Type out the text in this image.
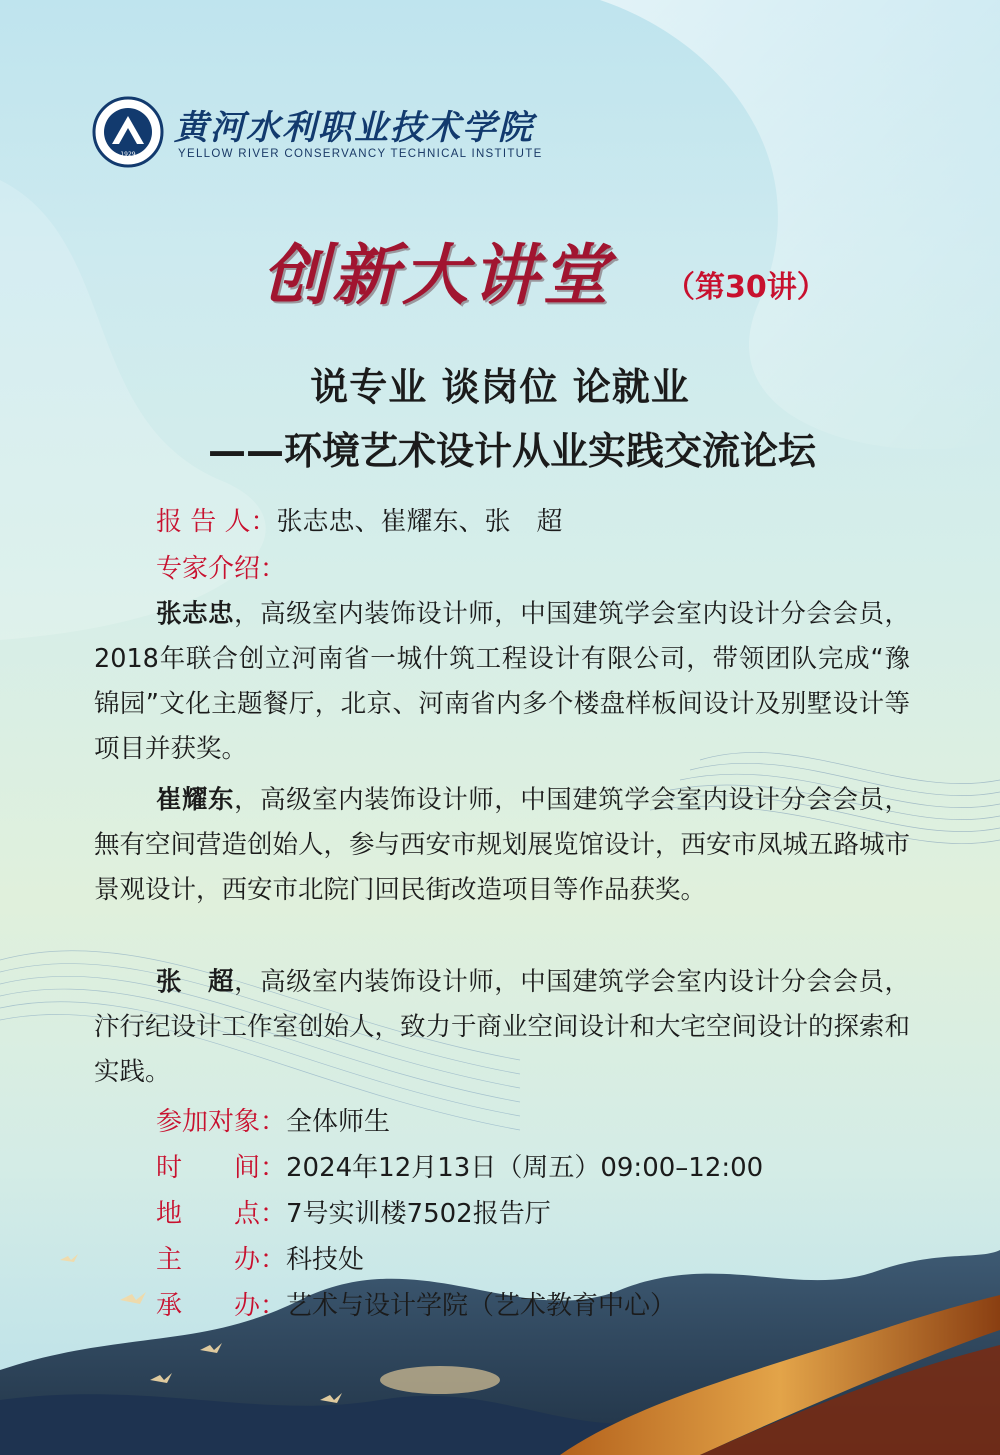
1929
黄河水利职业技术学院
YELLOW RIVER CONSERVANCY TECHNICAL INSTITUTE
创新大讲堂 （第30讲）
说专业 谈岗位 论就业
——环境艺术设计从业实践交流论坛
报 告 人：张志忠、崔耀东、张　超
专家介绍：

张志忠，高级室内装饰设计师，中国建筑学会室内设计分会会员，2018年联合创立河南省一城什筑工程设计有限公司，带领团队完成“豫锦园”文化主题餐厅，北京、河南省内多个楼盘样板间设计及别墅设计等项目并获奖。

崔耀东，高级室内装饰设计师，中国建筑学会室内设计分会会员，無有空间营造创始人，参与西安市规划展览馆设计，西安市凤城五路城市景观设计，西安市北院门回民街改造项目等作品获奖。

张　超，高级室内装饰设计师，中国建筑学会室内设计分会会员，汴行纪设计工作室创始人，致力于商业空间设计和大宅空间设计的探索和实践。

参加对象：全体师生
时　　间：2024年12月13日（周五）09:00–12:00
地　　点：7号实训楼7502报告厅
主　　办：科技处
承　　办：艺术与设计学院（艺术教育中心）
